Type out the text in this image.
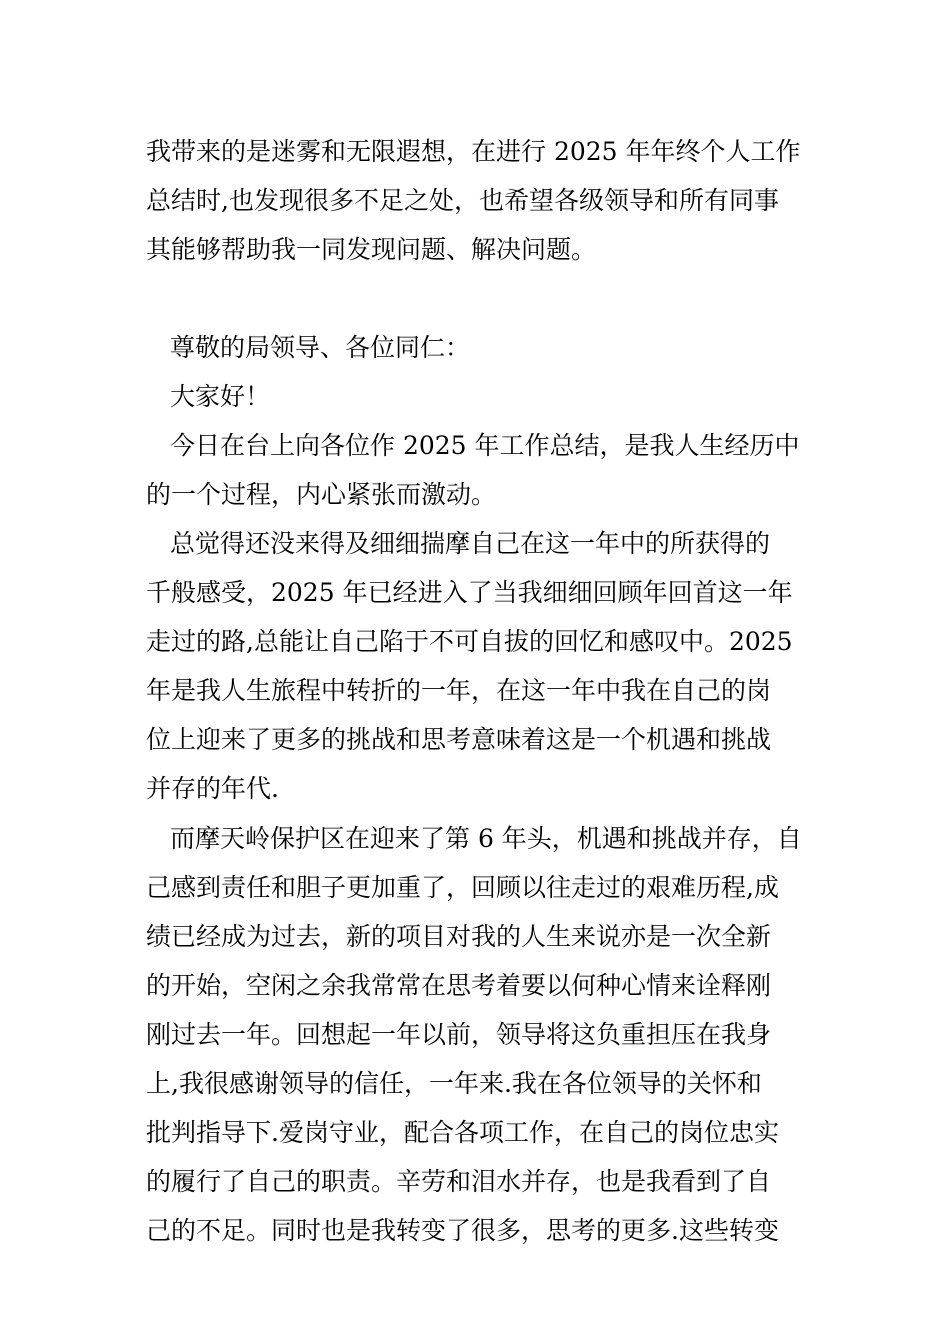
我带来的是迷雾和无限遐想，在进行 2025 年年终个人工作
总结时,也发现很多不足之处，也希望各级领导和所有同事
其能够帮助我一同发现问题、解决问题。
尊敬的局领导、各位同仁：
大家好！
今日在台上向各位作 2025 年工作总结，是我人生经历中
的一个过程，内心紧张而激动。
总觉得还没来得及细细揣摩自己在这一年中的所获得的
千般感受，2025 年已经进入了当我细细回顾年回首这一年
走过的路,总能让自己陷于不可自拔的回忆和感叹中。2025
年是我人生旅程中转折的一年，在这一年中我在自己的岗
位上迎来了更多的挑战和思考意味着这是一个机遇和挑战
并存的年代.
而摩天岭保护区在迎来了第 6 年头，机遇和挑战并存，自
己感到责任和胆子更加重了，回顾以往走过的艰难历程,成
绩已经成为过去，新的项目对我的人生来说亦是一次全新
的开始，空闲之余我常常在思考着要以何种心情来诠释刚
刚过去一年。回想起一年以前，领导将这负重担压在我身
上,我很感谢领导的信任，一年来.我在各位领导的关怀和
批判指导下.爱岗守业，配合各项工作，在自己的岗位忠实
的履行了自己的职责。辛劳和泪水并存，也是我看到了自
己的不足。同时也是我转变了很多，思考的更多.这些转变
